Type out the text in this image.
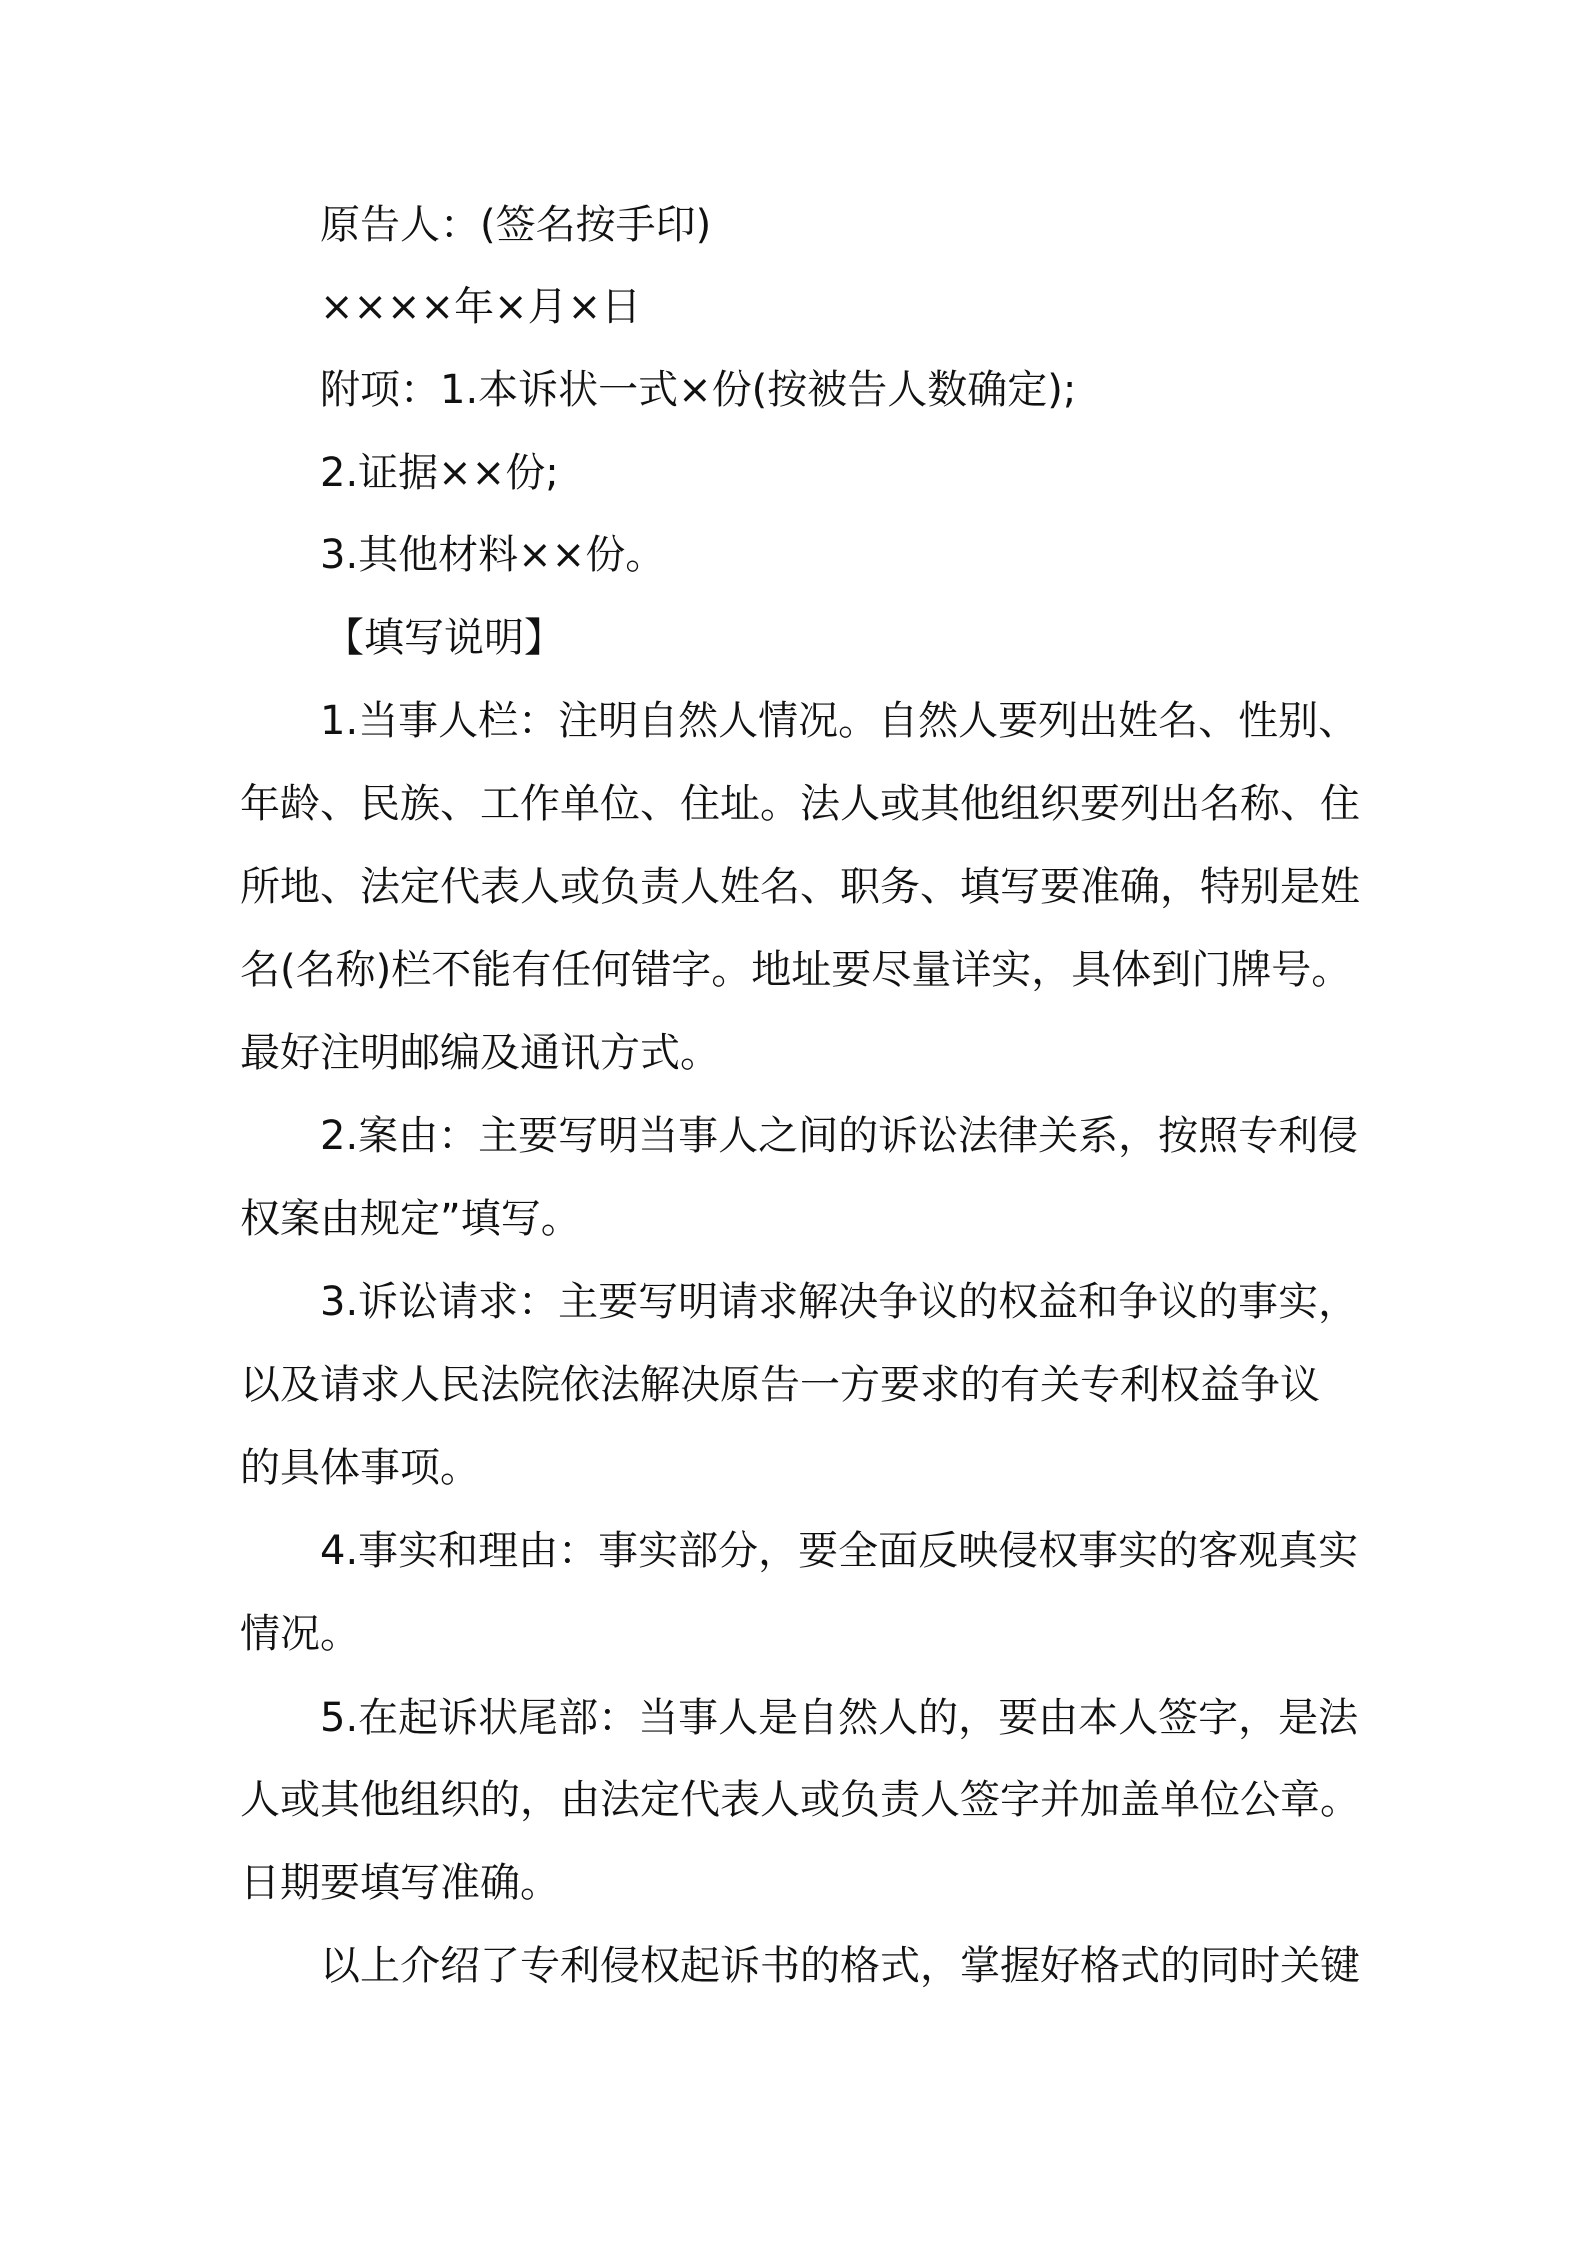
原告人：(签名按手印)
××××年×月×日
附项：1.本诉状一式×份(按被告人数确定);
2.证据××份;
3.其他材料××份。
【填写说明】
1.当事人栏：注明自然人情况。自然人要列出姓名、性别、
年龄、民族、工作单位、住址。法人或其他组织要列出名称、住
所地、法定代表人或负责人姓名、职务、填写要准确，特别是姓
名(名称)栏不能有任何错字。地址要尽量详实，具体到门牌号。
最好注明邮编及通讯方式。
2.案由：主要写明当事人之间的诉讼法律关系，按照专利侵
权案由规定”填写。
3.诉讼请求：主要写明请求解决争议的权益和争议的事实，
以及请求人民法院依法解决原告一方要求的有关专利权益争议
的具体事项。
4.事实和理由：事实部分，要全面反映侵权事实的客观真实
情况。
5.在起诉状尾部：当事人是自然人的，要由本人签字，是法
人或其他组织的，由法定代表人或负责人签字并加盖单位公章。
日期要填写准确。
以上介绍了专利侵权起诉书的格式，掌握好格式的同时关键
